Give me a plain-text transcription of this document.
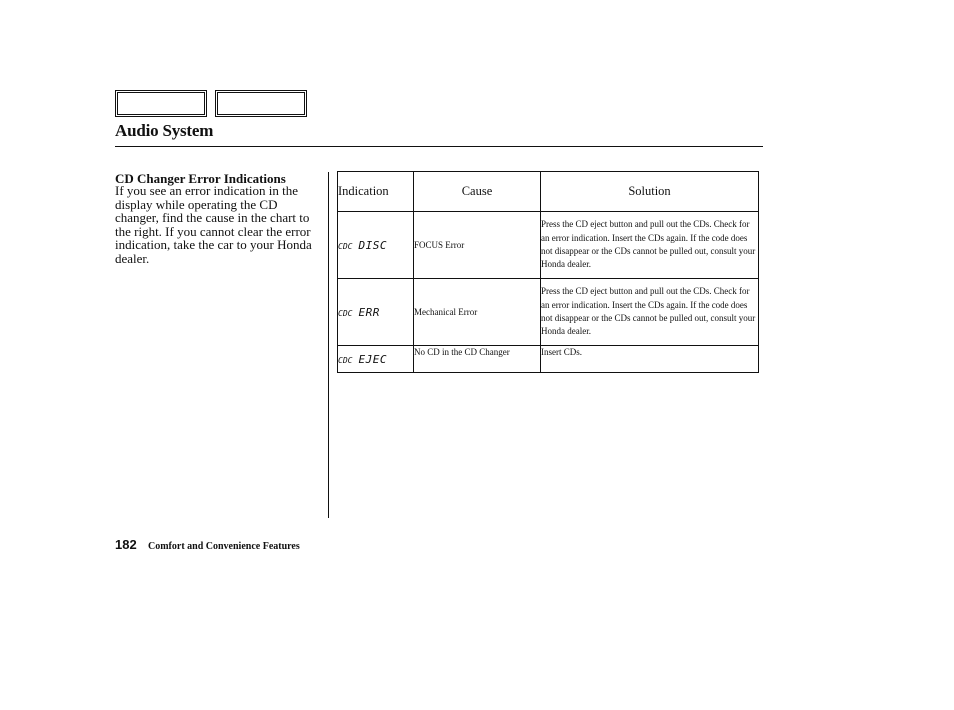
Audio System
CD Changer Error Indications
If you see an error indication in the display while operating the CD changer, find the cause in the chart to the right. If you cannot clear the error indication, take the car to your Honda dealer.
Indication	Cause	Solution
CDC DISC	FOCUS Error	Press the CD eject button and pull out the CDs. Check for an error indication. Insert the CDs again. If the code does not disappear or the CDs cannot be pulled out, consult your Honda dealer.
CDC ERR	Mechanical Error	Press the CD eject button and pull out the CDs. Check for an error indication. Insert the CDs again. If the code does not disappear or the CDs cannot be pulled out, consult your Honda dealer.
CDC EJEC	No CD in the CD Changer	Insert CDs.
182 Comfort and Convenience Features
